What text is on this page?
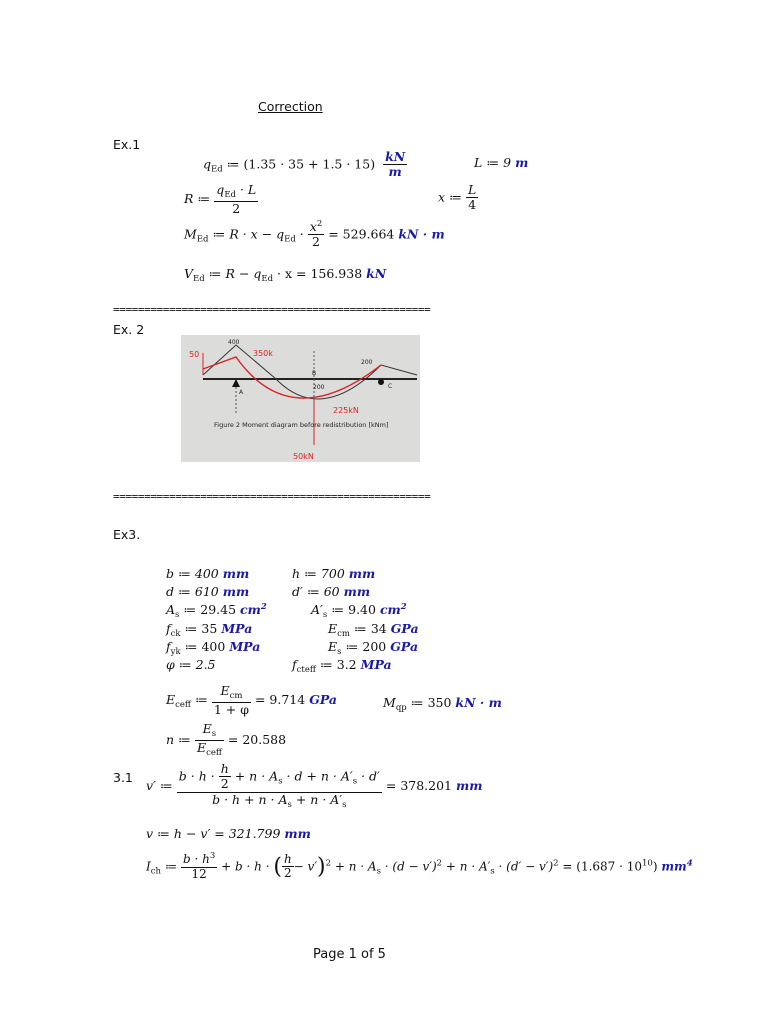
Correction
Ex.1
$q_{Ed}$ ≔ $(1.35 \cdot 35 + 1.5 \cdot 15) \frac{kN}{m}$	L ≔ 9 m
R ≔ $\frac{q_{Ed} \cdot L}{2}$	x ≔ $\frac{L}{4}$
$M_{Ed}$ ≔ $R \cdot x - q_{Ed} \cdot \frac{x^2}{2} = 529.664$ kN · m
$V_{Ed}$ ≔ $R - q_{Ed} \cdot x = 156.938$ kN
===================================================
Ex. 2
400
200
200
B
A
C
50	350k
225kN
50kN
Figure 2 Moment diagram before redistribution [kNm]
===================================================
Ex3.
b ≔ 400 mm	h ≔ 700 mm
d ≔ 610 mm	d′ ≔ 60 mm
$A_s$ ≔ 29.45 $cm^2$	$A'_s$ ≔ 9.40 $cm^2$
$f_{ck}$ ≔ 35 MPa	$E_{cm}$ ≔ 34 GPa
$f_{yk}$ ≔ 400 MPa	$E_s$ ≔ 200 GPa
φ ≔ 2.5	$f_{cteff}$ ≔ 3.2 MPa
$E_{ceff}$ ≔ $\frac{E_{cm}}{1 + \varphi} = 9.714$ GPa	$M_{qp}$ ≔ 350 kN · m
n ≔ $\frac{E_s}{E_{ceff}} = 20.588$
3.1
v′ ≔ $\frac{b \cdot h \cdot \frac{h}{2} + n \cdot A_s \cdot d + n \cdot A'_s \cdot d'}{b \cdot h + n \cdot A_s + n \cdot A'_s} = 378.201$ mm
v ≔ h − v′ = 321.799 mm
$I_{ch}$ ≔ $\frac{b \cdot h^3}{12} + b \cdot h$ · ( $\frac{h}{2} - v')^2 + n \cdot A_s \cdot (d - v')^2 + n \cdot A'_s \cdot (d' - v')^2 = (1.687 \cdot 10^{10})$ $mm^4$
Page 1 of 5
